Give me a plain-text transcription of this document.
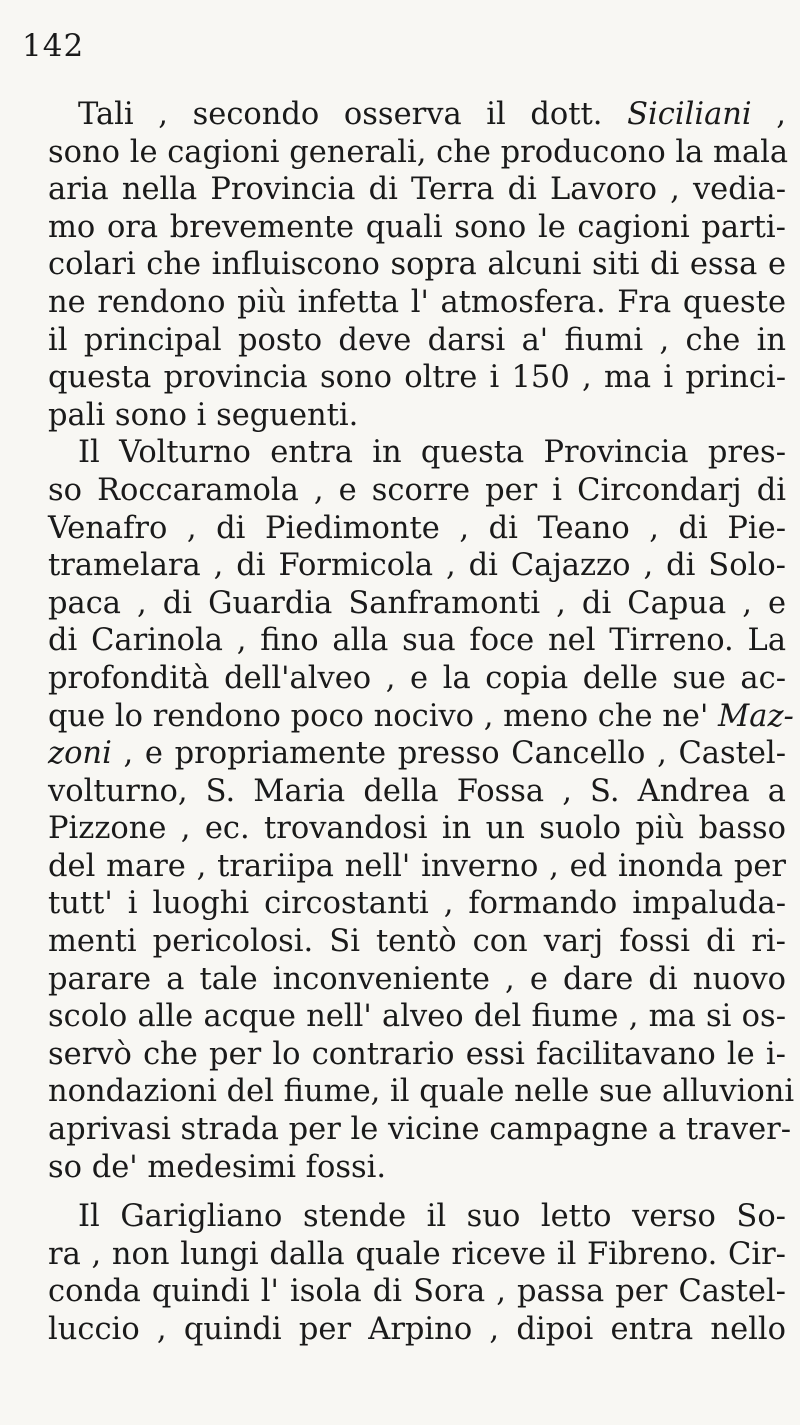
142
Tali , secondo osserva il dott. Siciliani ,
sono le cagioni generali, che producono la mala
aria nella Provincia di Terra di Lavoro , vedia-
mo ora brevemente quali sono le cagioni parti-
colari che influiscono sopra alcuni siti di essa e
ne rendono più infetta l' atmosfera. Fra queste
il principal posto deve darsi a' fiumi , che in
questa provincia sono oltre i 150 , ma i princi-
pali sono i seguenti.
Il Volturno entra in questa Provincia pres-
so Roccaramola , e scorre per i Circondarj di
Venafro , di Piedimonte , di Teano , di Pie-
tramelara , di Formicola , di Cajazzo , di Solo-
paca , di Guardia Sanframonti , di Capua , e
di Carinola , fino alla sua foce nel Tirreno. La
profondità dell'alveo , e la copia delle sue ac-
que lo rendono poco nocivo , meno che ne' Maz-
zoni , e propriamente presso Cancello , Castel-
volturno, S. Maria della Fossa , S. Andrea a
Pizzone , ec. trovandosi in un suolo più basso
del mare , trariipa nell' inverno , ed inonda per
tutt' i luoghi circostanti , formando impaluda-
menti pericolosi. Si tentò con varj fossi di ri-
parare a tale inconveniente , e dare di nuovo
scolo alle acque nell' alveo del fiume , ma si os-
servò che per lo contrario essi facilitavano le i-
nondazioni del fiume, il quale nelle sue alluvioni
aprivasi strada per le vicine campagne a traver-
so de' medesimi fossi.
Il Garigliano stende il suo letto verso So-
ra , non lungi dalla quale riceve il Fibreno. Cir-
conda quindi l' isola di Sora , passa per Castel-
luccio , quindi per Arpino , dipoi entra nello
